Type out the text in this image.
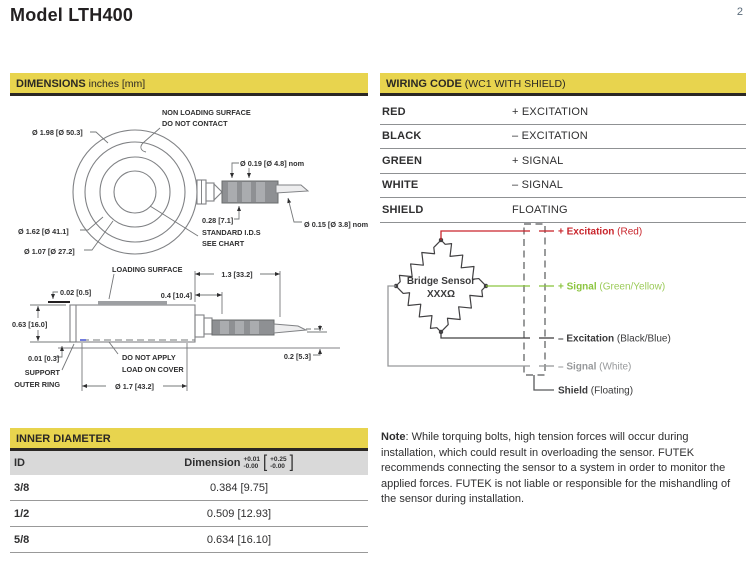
Model LTH400	2
DIMENSIONS inches [mm]
Ø 1.98 [Ø 50.3]
NON LOADING SURFACE
DO NOT CONTACT
Ø 1.62 [Ø 41.1]
Ø 1.07 [Ø 27.2]
STANDARD I.D.S
SEE CHART
Ø 0.19 [Ø 4.8] nom
0.28 [7.1]	Ø 0.15 [Ø 3.8] nom
LOADING SURFACE
0.02 [0.5]	0.4 [10.4]
1.3 [33.2]
0.63 [16.0]
0.01 [0.3]
SUPPORT
OUTER RING
DO NOT APPLY
LOAD ON COVER
Ø 1.7 [43.2]
0.2 [5.3]
WIRING CODE (WC1 WITH SHIELD)
RED	+ EXCITATION
BLACK	– EXCITATION
GREEN	+ SIGNAL
WHITE	– SIGNAL
SHIELD	FLOATING
Bridge Sensor
XXXΩ
+ Excitation (Red)
+ Signal (Green/Yellow)
– Excitation (Black/Blue)
– Signal (White)
Shield (Floating)
INNER DIAMETER
ID	Dimension +0.01
-0.00 [ +0.25
-0.00 ]
3/8	0.384 [9.75]
1/2	0.509 [12.93]
5/8	0.634 [16.10]
Note: While torquing bolts, high tension forces will occur during installation, which could result in overloading the sensor. FUTEK recommends connecting the sensor to a system in order to monitor the applied forces. FUTEK is not liable or responsible for the mishandling of the sensor during installation.
